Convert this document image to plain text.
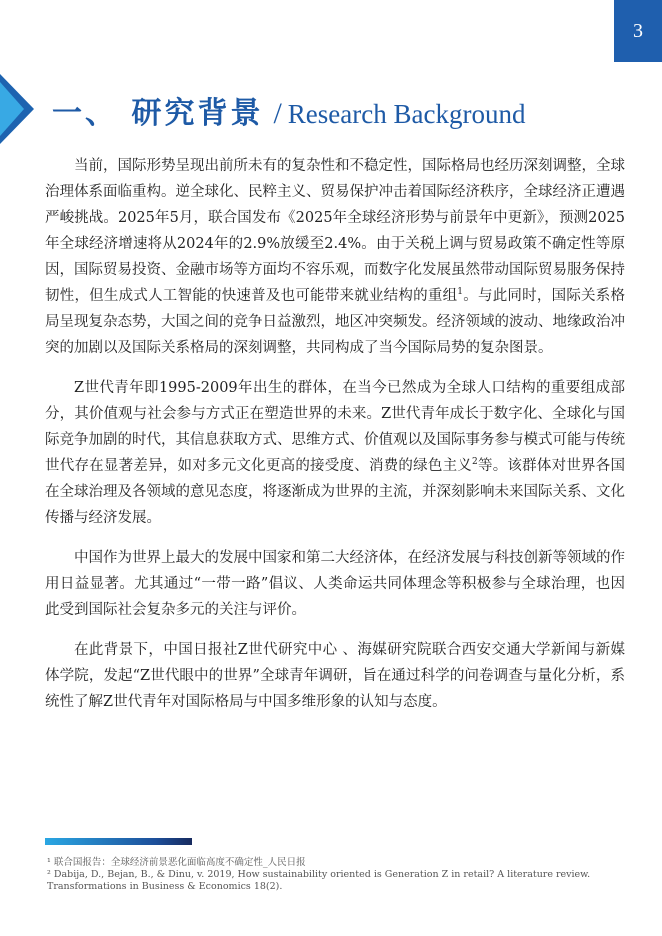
3
一、 研究背景 / Research Background

当前，国际形势呈现出前所未有的复杂性和不稳定性，国际格局也经历深刻调整，全球治理体系面临重构。逆全球化、民粹主义、贸易保护冲击着国际经济秩序，全球经济正遭遇严峻挑战。2025年5月，联合国发布《2025年全球经济形势与前景年中更新》，预测2025年全球经济增速将从2024年的2.9%放缓至2.4%。由于关税上调与贸易政策不确定性等原因，国际贸易投资、金融市场等方面均不容乐观，而数字化发展虽然带动国际贸易服务保持韧性，但生成式人工智能的快速普及也可能带来就业结构的重组$^1$。与此同时，国际关系格局呈现复杂态势，大国之间的竞争日益激烈，地区冲突频发。经济领域的波动、地缘政治冲突的加剧以及国际关系格局的深刻调整，共同构成了当今国际局势的复杂图景。

Z世代青年即1995-2009年出生的群体，在当今已然成为全球人口结构的重要组成部分，其价值观与社会参与方式正在塑造世界的未来。Z世代青年成长于数字化、全球化与国际竞争加剧的时代，其信息获取方式、思维方式、价值观以及国际事务参与模式可能与传统世代存在显著差异，如对多元文化更高的接受度、消费的绿色主义$^2$等。该群体对世界各国在全球治理及各领域的意见态度，将逐渐成为世界的主流，并深刻影响未来国际关系、文化传播与经济发展。

中国作为世界上最大的发展中国家和第二大经济体，在经济发展与科技创新等领域的作用日益显著。尤其通过“一带一路”倡议、人类命运共同体理念等积极参与全球治理，也因此受到国际社会复杂多元的关注与评价。

在此背景下，中国日报社Z世代研究中心 、海媒研究院联合西安交通大学新闻与新媒体学院，发起“Z世代眼中的世界”全球青年调研，旨在通过科学的问卷调查与量化分析，系统性了解Z世代青年对国际格局与中国多维形象的认知与态度。

¹ 联合国报告：全球经济前景恶化面临高度不确定性_人民日报

² Dabija, D., Bejan, B., & Dinu, v. 2019, How sustainability oriented is Generation Z in retail? A literature review. Transformations in Business & Economics 18(2).
